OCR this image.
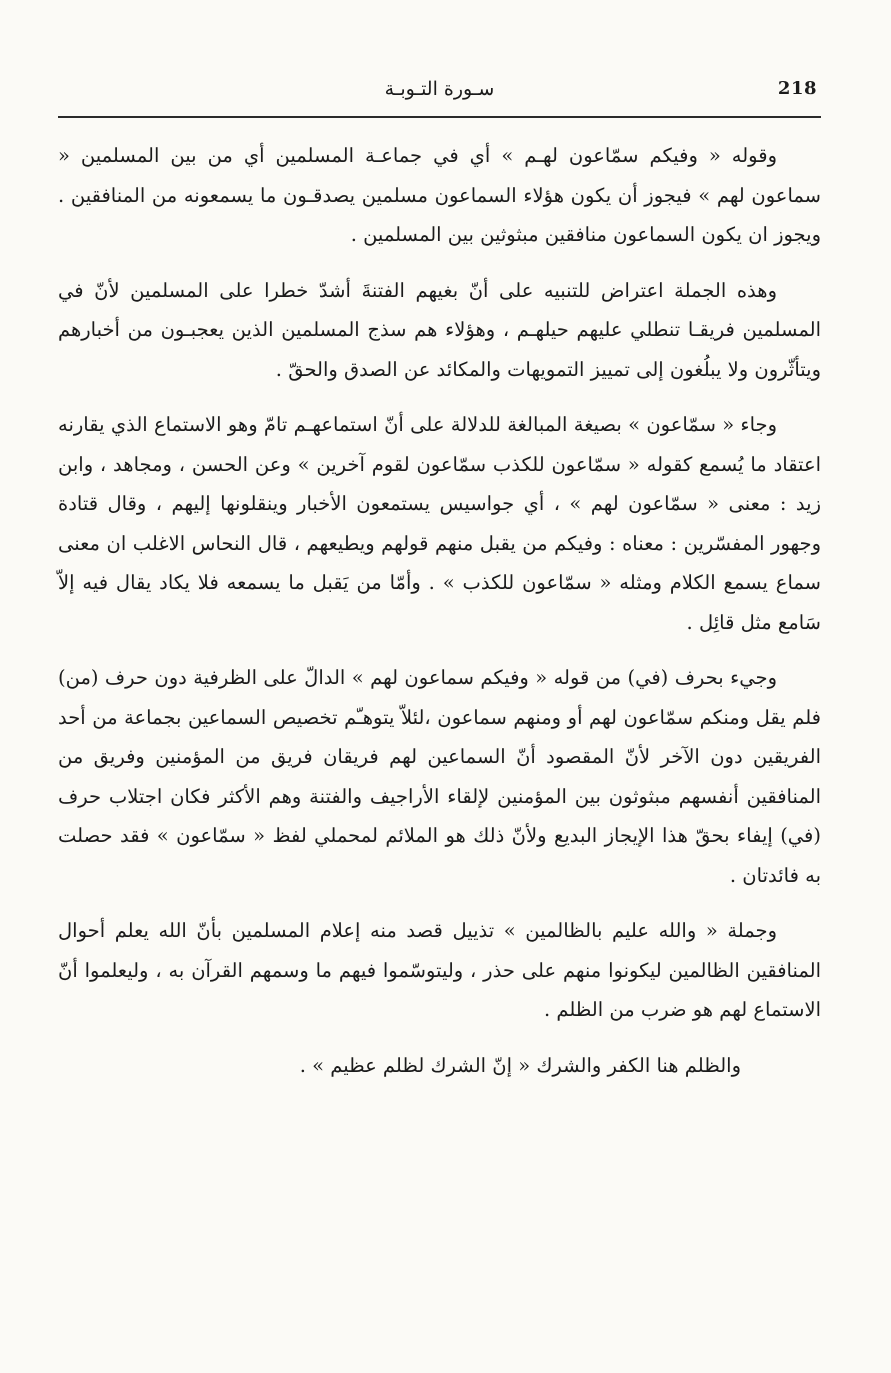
218
سـورة التـوبـة

وقوله « وفيكم سمّاعون لهـم » أي في جماعـة المسلمين أي من بين المسلمين « سماعون لهم » فيجوز أن يكون هؤلاء السماعون مسلمين يصدقـون ما يسمعونه من المنافقين . ويجوز ان يكون السماعون منافقين مبثوثين بين المسلمين .

وهذه الجملة اعتراض للتنبيه على أنّ بغيهم الفتنةَ أشدّ خطرا على المسلمين لأنّ في المسلمين فريقـا تنطلي عليهم حيلهـم ، وهؤلاء هم سذج المسلمين الذين يعجبـون من أخبارهم ويتأثّرون ولا يبلُغون إلى تمييز التمويهات والمكائد عن الصدق والحقّ .

وجاء « سمّاعون » بصيغة المبالغة للدلالة على أنّ استماعهـم تامّ وهو الاستماع الذي يقارنه اعتقاد ما يُسمع كقوله « سمّاعون للكذب سمّاعون لقوم آخرين » وعن الحسن ، ومجاهد ، وابن زيد : معنى « سمّاعون لهم » ، أي جواسيس يستمعون الأخبار وينقلونها إليهم ، وقال قتادة وجهور المفسّرين : معناه : وفيكم من يقبل منهم قولهم ويطيعهم ، قال النحاس الاغلب ان معنى سماع يسمع الكلام ومثله « سمّاعون للكذب » . وأمّا من يَقبل ما يسمعه فلا يكاد يقال فيه إلاّ سَامع مثل قائِل .

وجيء بحرف (في) من قوله « وفيكم سماعون لهم » الدالّ على الظرفية دون حرف (من) فلم يقل ومنكم سمّاعون لهم أو ومنهم سماعون ،لئلاّ يتوهـّم تخصيص السماعين بجماعة من أحد الفريقين دون الآخر لأنّ المقصود أنّ السماعين لهم فريقان فريق من المؤمنين وفريق من المنافقين أنفسهم مبثوثون بين المؤمنين لإلقاء الأراجيف والفتنة وهم الأكثر فكان اجتلاب حرف (في) إيفاء بحقّ هذا الإيجاز البديع ولأنّ ذلك هو الملائم لمحملي لفظ « سمّاعون » فقد حصلت به فائدتان .

وجملة « والله عليم بالظالمين » تذييل قصد منه إعلام المسلمين بأنّ الله يعلم أحوال المنافقين الظالمين ليكونوا منهم على حذر ، وليتوسّموا فيهم ما وسمهم القرآن به ، وليعلموا أنّ الاستماع لهم هو ضرب من الظلم .

والظلم هنا الكفر والشرك « إنّ الشرك لظلم عظيم » .
